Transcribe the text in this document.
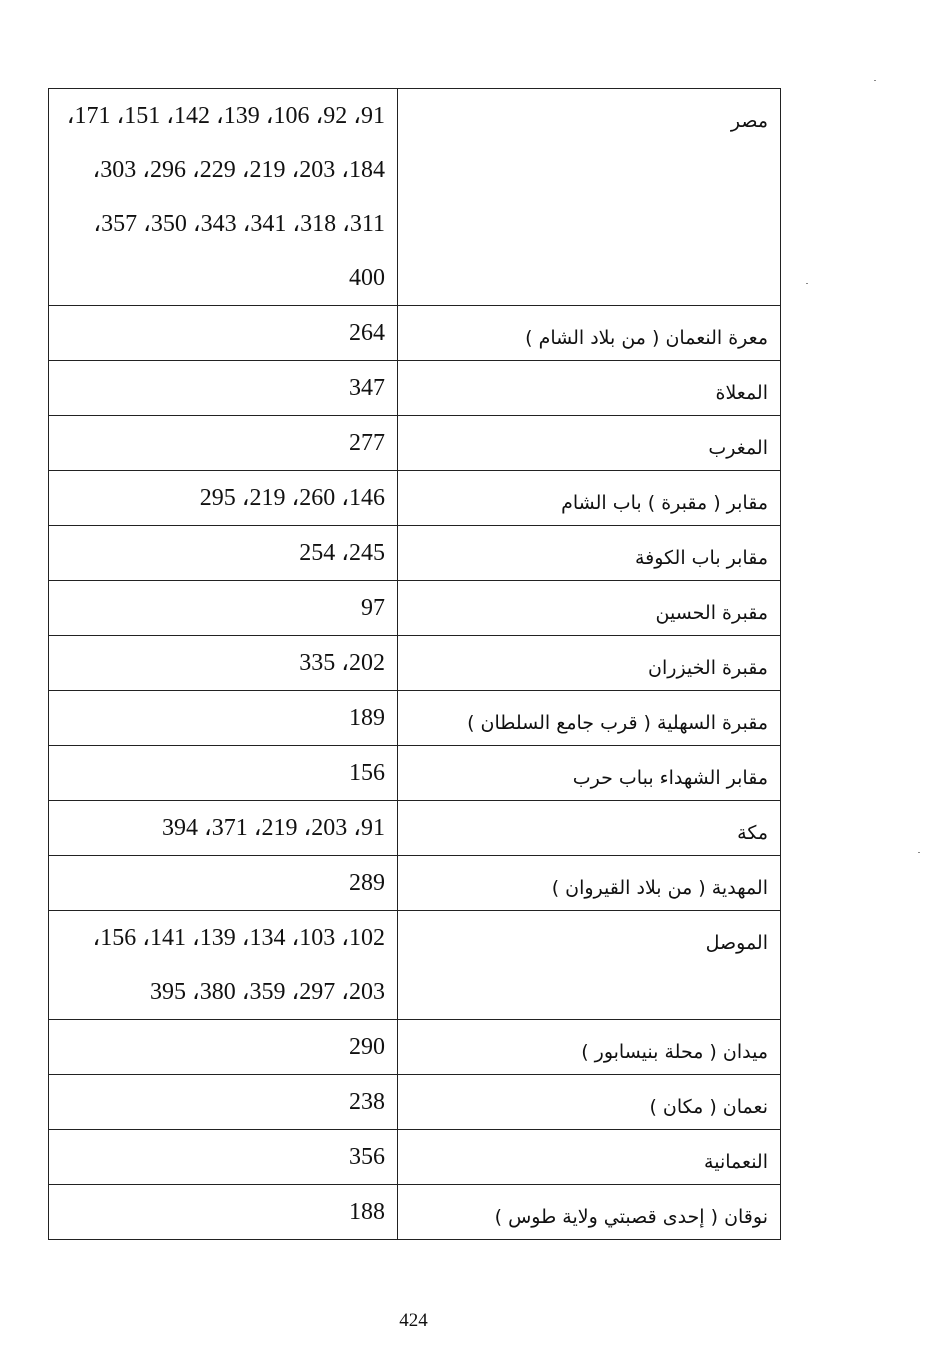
91، 92، 106، 139، 142، 151، 171،
184، 203، 219، 229، 296، 303،
311، 318، 341، 343، 350، 357،
400	مصر

264	معرة النعمان ( من بلاد الشام )

347	المعلاة

277	المغرب

146، 260، 219، 295	مقابر ( مقبرة ) باب الشام

245، 254	مقابر باب الكوفة

97	مقبرة الحسين

202، 335	مقبرة الخيزران

189	مقبرة السهلية ( قرب جامع السلطان )

156	مقابر الشهداء بباب حرب

91، 203، 219، 371، 394	مكة

289	المهدية ( من بلاد القيروان )

102، 103، 134، 139، 141، 156،
203، 297، 359، 380، 395	الموصل

290	ميدان ( محلة بنيسابور )

238	نعمان ( مكان )

356	النعمانية

188	نوقان ( إحدى قصبتي ولاية طوس )
424
